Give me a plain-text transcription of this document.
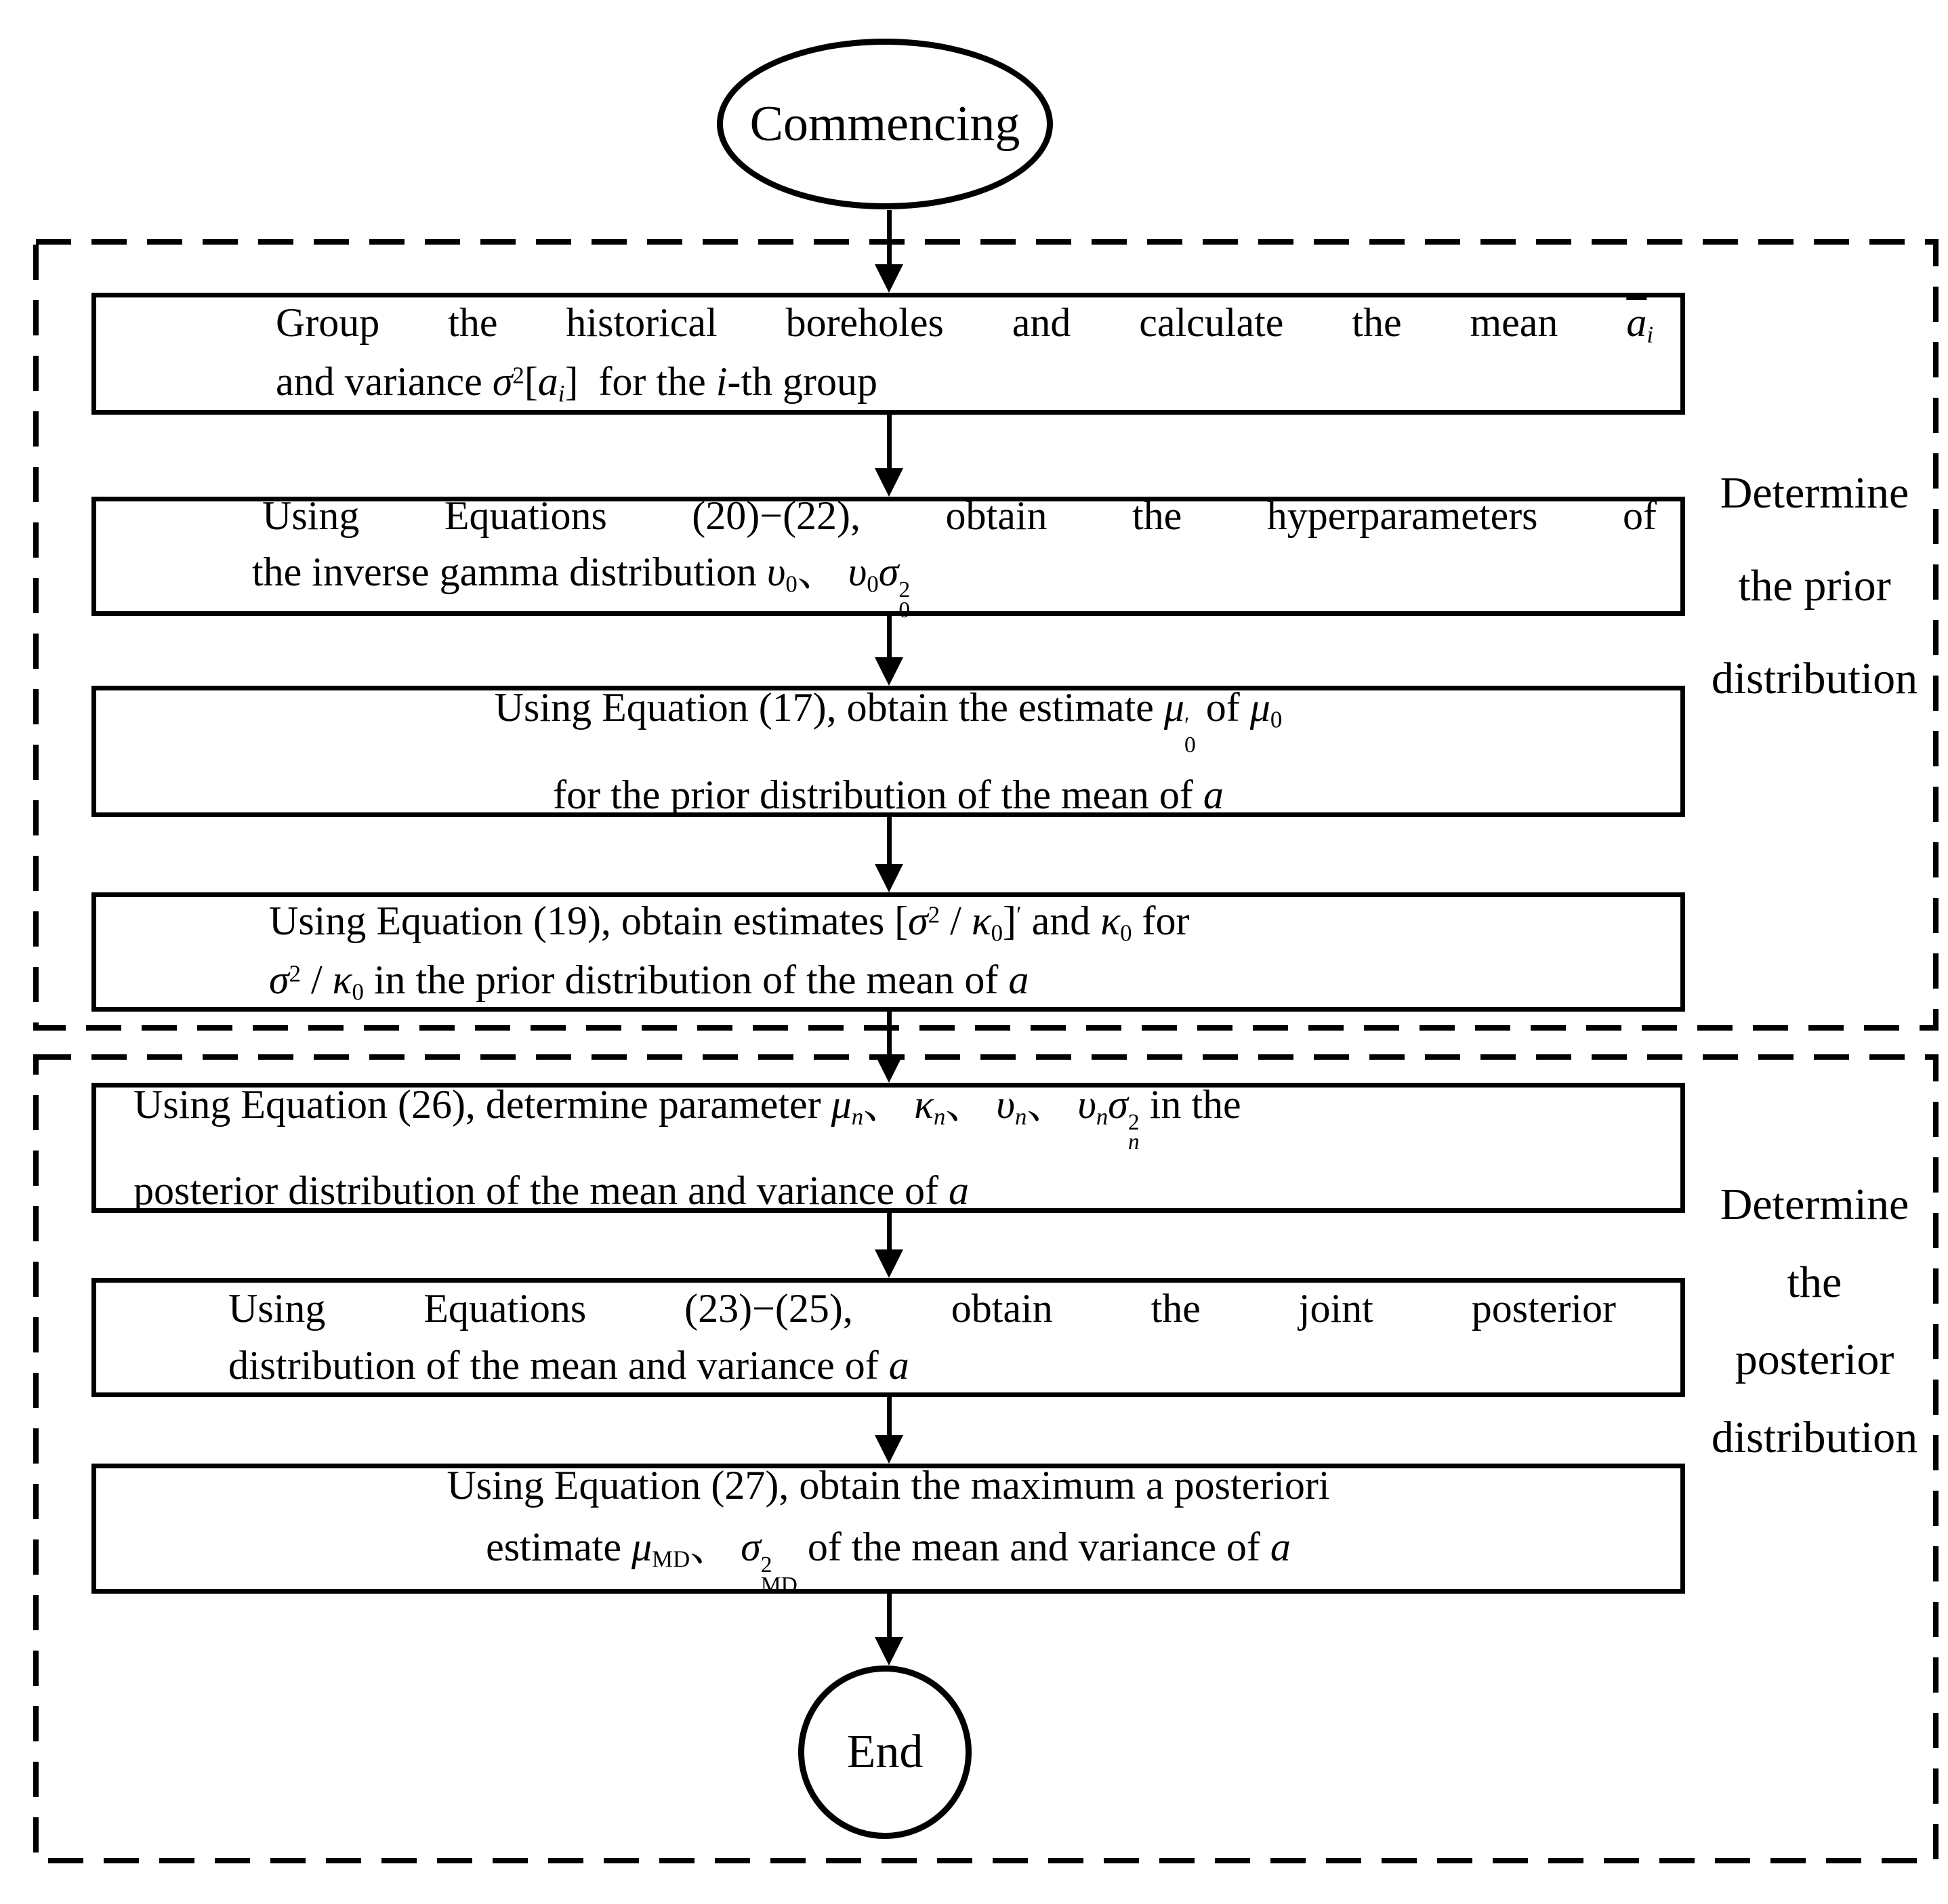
Commencing
Group the historical boreholes and calculate the mean $\overline{a}_i$
and variance $\sigma^2[a_i]$  for the i-th group
Using Equations (20)−(22), obtain the hyperparameters of
the inverse gamma distribution $\upsilon_0$、 $\upsilon_0\sigma$ 2
0
Using Equation (17), obtain the estimate μ ′
0
of $\mu_0$
for the prior distribution of the mean of a
Using Equation (19), obtain estimates $[\sigma^2 / \kappa_0]'$ and $\kappa_0$ for
$\sigma^2 / \kappa_0$ in the prior distribution of the mean of a
Using Equation (26), determine parameter $\mu_n$、 $\kappa_n$、 $\upsilon_n$、 $\upsilon_n\sigma$ 2
n
in the
posterior distribution of the mean and variance of a
Using Equations (23)−(25), obtain the joint posterior
distribution of the mean and variance of a
Using Equation (27), obtain the maximum a posteriori
estimate $\mu_{MD}$、 σ 2
MD
of the mean and variance of a
Determine
the prior
distribution
Determine
the
posterior
distribution
End
